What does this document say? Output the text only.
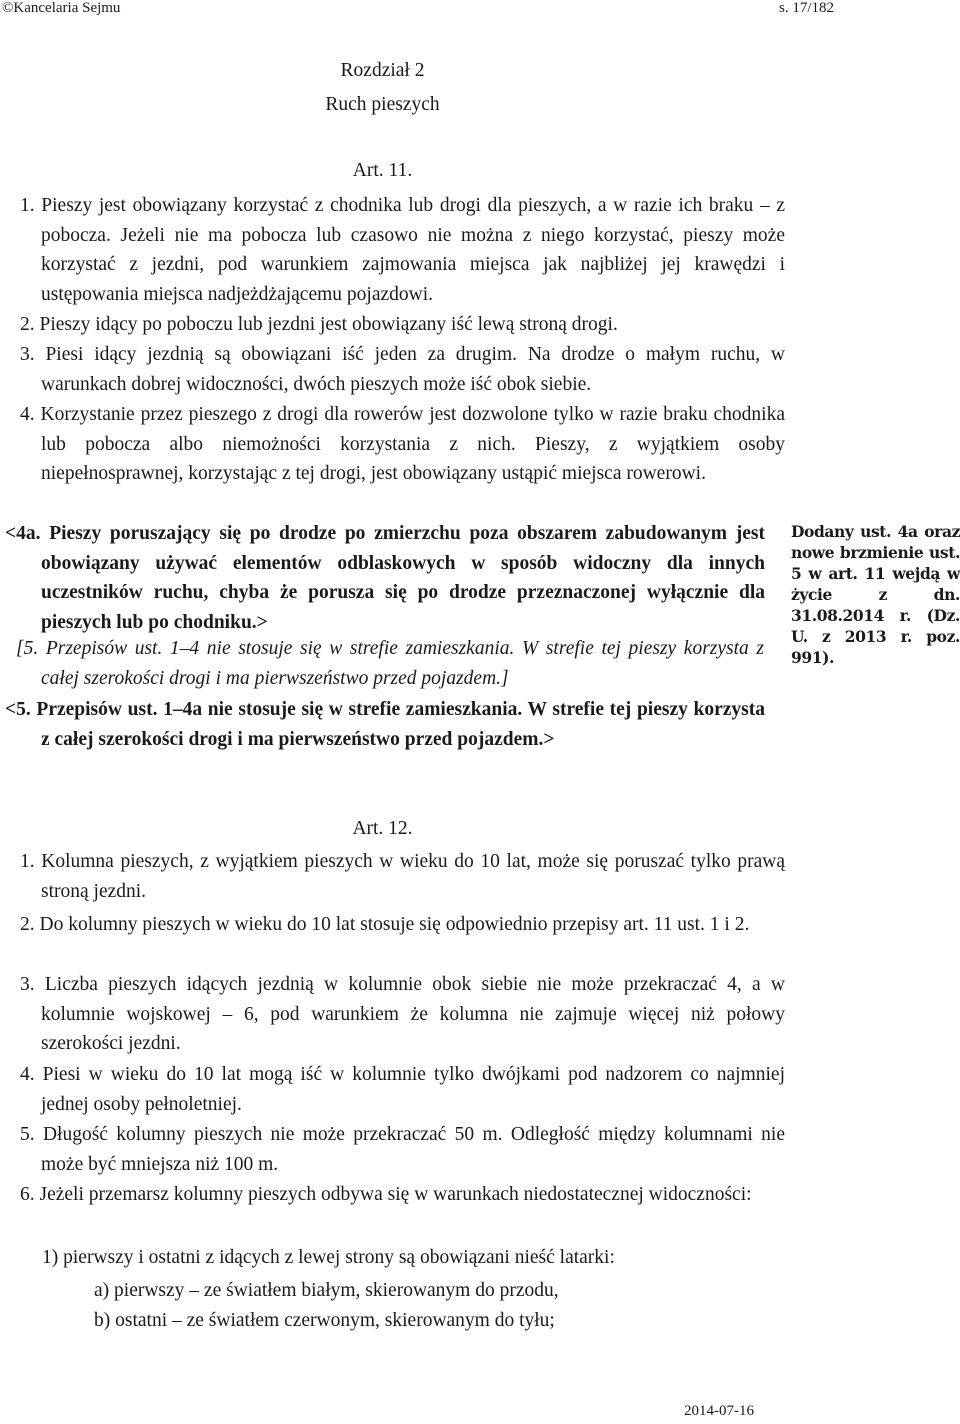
©Kancelaria Sejmu	s. 17/182
Rozdział 2
Ruch pieszych
Art. 11.
1. Pieszy jest obowiązany korzystać z chodnika lub drogi dla pieszych, a w razie ich braku – z pobocza. Jeżeli nie ma pobocza lub czasowo nie można z niego korzystać, pieszy może korzystać z jezdni, pod warunkiem zajmowania miejsca jak najbliżej jej krawędzi i ustępowania miejsca nadjeżdżającemu pojazdowi.
2. Pieszy idący po poboczu lub jezdni jest obowiązany iść lewą stroną drogi.
3. Piesi idący jezdnią są obowiązani iść jeden za drugim. Na drodze o małym ruchu, w warunkach dobrej widoczności, dwóch pieszych może iść obok siebie.
4. Korzystanie przez pieszego z drogi dla rowerów jest dozwolone tylko w razie braku chodnika lub pobocza albo niemożności korzystania z nich. Pieszy, z wyjątkiem osoby niepełnosprawnej, korzystając z tej drogi, jest obowiązany ustąpić miejsca rowerowi.
<4a. Pieszy poruszający się po drodze po zmierzchu poza obszarem zabudowanym jest obowiązany używać elementów odblaskowych w sposób widoczny dla innych uczestników ruchu, chyba że porusza się po drodze przeznaczonej wyłącznie dla pieszych lub po chodniku.>
[5. Przepisów ust. 1–4 nie stosuje się w strefie zamieszkania. W strefie tej pieszy korzysta z całej szerokości drogi i ma pierwszeństwo przed pojazdem.]
<5. Przepisów ust. 1–4a nie stosuje się w strefie zamieszkania. W strefie tej pieszy korzysta z całej szerokości drogi i ma pierwszeństwo przed pojazdem.>
Dodany ust. 4a oraz nowe brzmienie ust. 5 w art. 11 wejdą w życie z dn. 31.08.2014 r. (Dz. U. z 2013 r. poz. 991).
Art. 12.
1. Kolumna pieszych, z wyjątkiem pieszych w wieku do 10 lat, może się poruszać tylko prawą stroną jezdni.
2. Do kolumny pieszych w wieku do 10 lat stosuje się odpowiednio przepisy art. 11 ust. 1 i 2.
3. Liczba pieszych idących jezdnią w kolumnie obok siebie nie może przekraczać 4, a w kolumnie wojskowej – 6, pod warunkiem że kolumna nie zajmuje więcej niż połowy szerokości jezdni.
4. Piesi w wieku do 10 lat mogą iść w kolumnie tylko dwójkami pod nadzorem co najmniej jednej osoby pełnoletniej.
5. Długość kolumny pieszych nie może przekraczać 50 m. Odległość między kolumnami nie może być mniejsza niż 100 m.
6. Jeżeli przemarsz kolumny pieszych odbywa się w warunkach niedostatecznej widoczności:
1) pierwszy i ostatni z idących z lewej strony są obowiązani nieść latarki:
a) pierwszy – ze światłem białym, skierowanym do przodu,
b) ostatni – ze światłem czerwonym, skierowanym do tyłu;
2014-07-16
